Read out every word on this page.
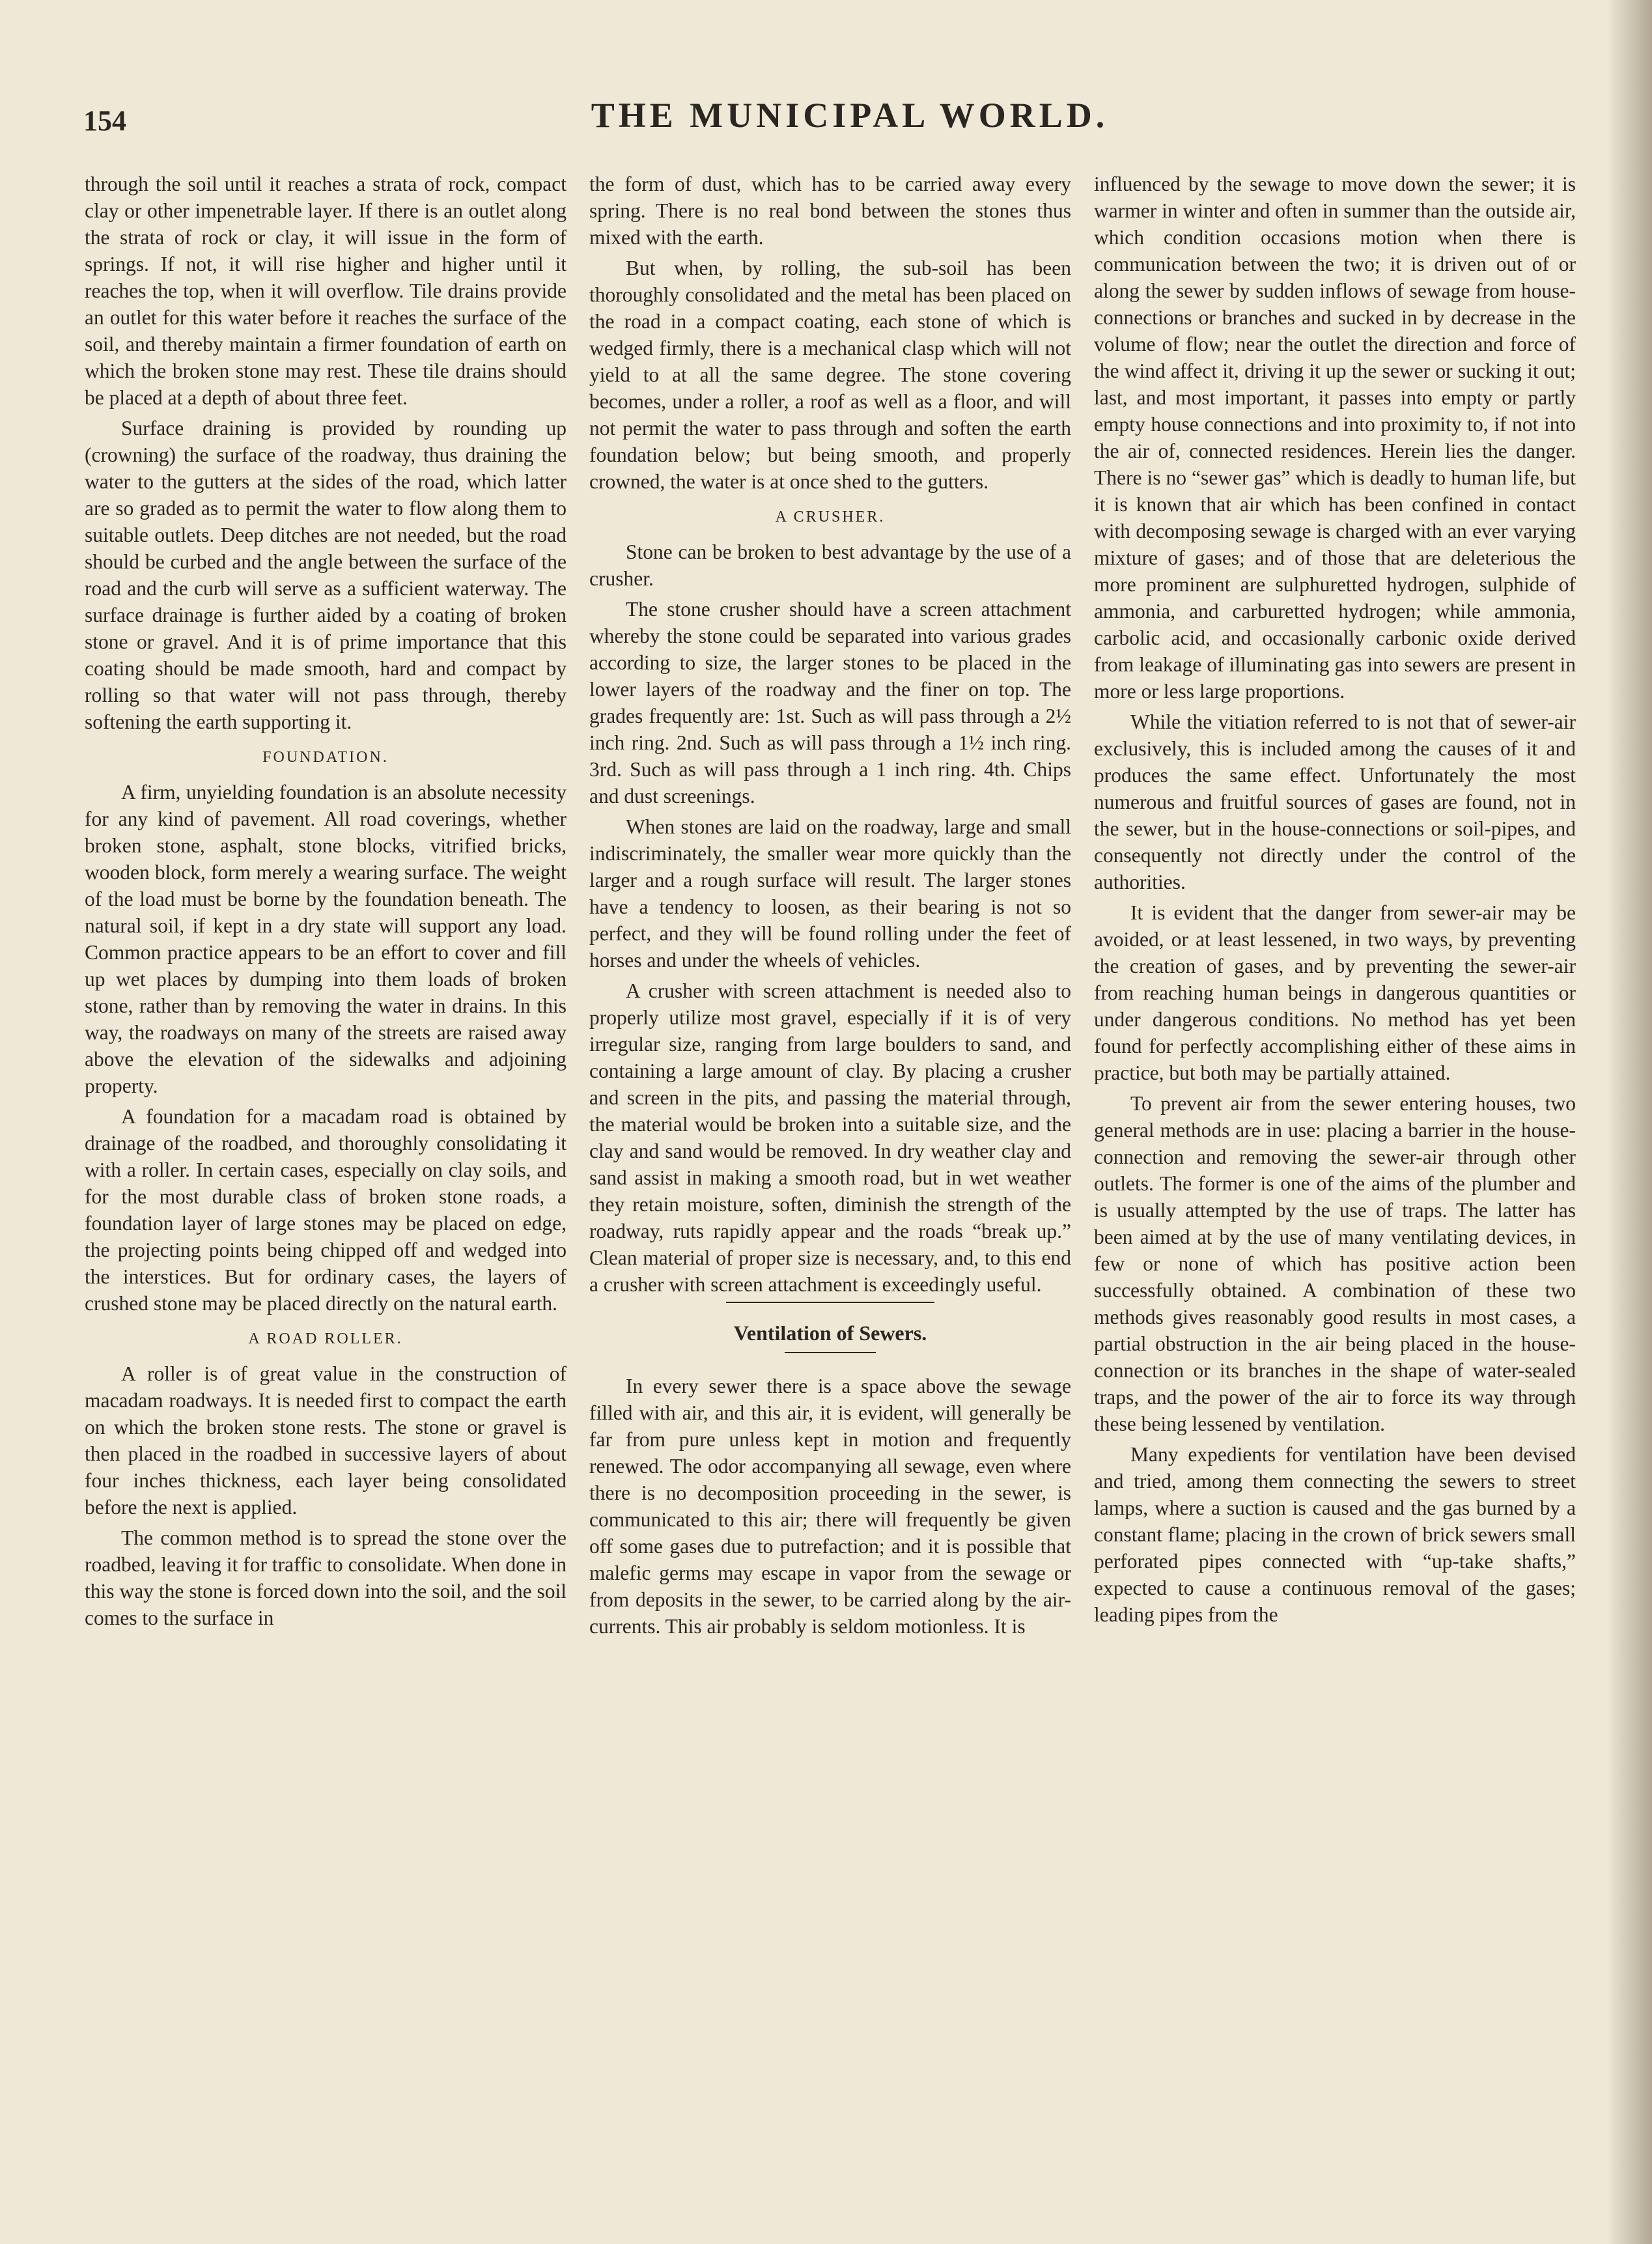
154	THE MUNICIPAL WORLD.

through the soil until it reaches a strata of rock, compact clay or other impenetrable layer. If there is an outlet along the strata of rock or clay, it will issue in the form of springs. If not, it will rise higher and higher until it reaches the top, when it will overflow. Tile drains provide an outlet for this water before it reaches the surface of the soil, and thereby maintain a firmer foundation of earth on which the broken stone may rest. These tile drains should be placed at a depth of about three feet.

Surface draining is provided by rounding up (crowning) the surface of the roadway, thus draining the water to the gutters at the sides of the road, which latter are so graded as to permit the water to flow along them to suitable outlets. Deep ditches are not needed, but the road should be curbed and the angle between the surface of the road and the curb will serve as a sufficient waterway. The surface drainage is further aided by a coating of broken stone or gravel. And it is of prime importance that this coating should be made smooth, hard and compact by rolling so that water will not pass through, thereby softening the earth supporting it.

FOUNDATION.

A firm, unyielding foundation is an absolute necessity for any kind of pavement. All road coverings, whether broken stone, asphalt, stone blocks, vitrified bricks, wooden block, form merely a wearing surface. The weight of the load must be borne by the foundation beneath. The natural soil, if kept in a dry state will support any load. Common practice appears to be an effort to cover and fill up wet places by dumping into them loads of broken stone, rather than by removing the water in drains. In this way, the roadways on many of the streets are raised away above the elevation of the sidewalks and adjoining property.

A foundation for a macadam road is obtained by drainage of the roadbed, and thoroughly consolidating it with a roller. In certain cases, especially on clay soils, and for the most durable class of broken stone roads, a foundation layer of large stones may be placed on edge, the projecting points being chipped off and wedged into the interstices. But for ordinary cases, the layers of crushed stone may be placed directly on the natural earth.

A ROAD ROLLER.

A roller is of great value in the construction of macadam roadways. It is needed first to compact the earth on which the broken stone rests. The stone or gravel is then placed in the roadbed in successive layers of about four inches thickness, each layer being consolidated before the next is applied.

The common method is to spread the stone over the roadbed, leaving it for traffic to consolidate. When done in this way the stone is forced down into the soil, and the soil comes to the surface in

the form of dust, which has to be carried away every spring. There is no real bond between the stones thus mixed with the earth.

But when, by rolling, the sub-soil has been thoroughly consolidated and the metal has been placed on the road in a compact coating, each stone of which is wedged firmly, there is a mechanical clasp which will not yield to at all the same degree. The stone covering becomes, under a roller, a roof as well as a floor, and will not permit the water to pass through and soften the earth foundation below; but being smooth, and properly crowned, the water is at once shed to the gutters.

A CRUSHER.

Stone can be broken to best advantage by the use of a crusher.

The stone crusher should have a screen attachment whereby the stone could be separated into various grades according to size, the larger stones to be placed in the lower layers of the roadway and the finer on top. The grades frequently are: 1st. Such as will pass through a 2½ inch ring. 2nd. Such as will pass through a 1½ inch ring. 3rd. Such as will pass through a 1 inch ring. 4th. Chips and dust screenings.

When stones are laid on the roadway, large and small indiscriminately, the smaller wear more quickly than the larger and a rough surface will result. The larger stones have a tendency to loosen, as their bearing is not so perfect, and they will be found rolling under the feet of horses and under the wheels of vehicles.

A crusher with screen attachment is needed also to properly utilize most gravel, especially if it is of very irregular size, ranging from large boulders to sand, and containing a large amount of clay. By placing a crusher and screen in the pits, and passing the material through, the material would be broken into a suitable size, and the clay and sand would be removed. In dry weather clay and sand assist in making a smooth road, but in wet weather they retain moisture, soften, diminish the strength of the roadway, ruts rapidly appear and the roads “break up.” Clean material of proper size is necessary, and, to this end a crusher with screen attachment is exceedingly useful.

Ventilation of Sewers.

In every sewer there is a space above the sewage filled with air, and this air, it is evident, will generally be far from pure unless kept in motion and frequently renewed. The odor accompanying all sewage, even where there is no decomposition proceeding in the sewer, is communicated to this air; there will frequently be given off some gases due to putrefaction; and it is possible that malefic germs may escape in vapor from the sewage or from deposits in the sewer, to be carried along by the air-currents. This air probably is seldom motionless. It is

influenced by the sewage to move down the sewer; it is warmer in winter and often in summer than the outside air, which condition occasions motion when there is communication between the two; it is driven out of or along the sewer by sudden inflows of sewage from house-connections or branches and sucked in by decrease in the volume of flow; near the outlet the direction and force of the wind affect it, driving it up the sewer or sucking it out; last, and most important, it passes into empty or partly empty house connections and into proximity to, if not into the air of, connected residences. Herein lies the danger. There is no “sewer gas” which is deadly to human life, but it is known that air which has been confined in contact with decomposing sewage is charged with an ever varying mixture of gases; and of those that are deleterious the more prominent are sulphuretted hydrogen, sulphide of ammonia, and carburetted hydrogen; while ammonia, carbolic acid, and occasionally carbonic oxide derived from leakage of illuminating gas into sewers are present in more or less large proportions.

While the vitiation referred to is not that of sewer-air exclusively, this is included among the causes of it and produces the same effect. Unfortunately the most numerous and fruitful sources of gases are found, not in the sewer, but in the house-connections or soil-pipes, and consequently not directly under the control of the authorities.

It is evident that the danger from sewer-air may be avoided, or at least lessened, in two ways, by preventing the creation of gases, and by preventing the sewer-air from reaching human beings in dangerous quantities or under dangerous conditions. No method has yet been found for perfectly accomplishing either of these aims in practice, but both may be partially attained.

To prevent air from the sewer entering houses, two general methods are in use: placing a barrier in the house-connection and removing the sewer-air through other outlets. The former is one of the aims of the plumber and is usually attempted by the use of traps. The latter has been aimed at by the use of many ventilating devices, in few or none of which has positive action been successfully obtained. A combination of these two methods gives reasonably good results in most cases, a partial obstruction in the air being placed in the house-connection or its branches in the shape of water-sealed traps, and the power of the air to force its way through these being lessened by ventilation.

Many expedients for ventilation have been devised and tried, among them connecting the sewers to street lamps, where a suction is caused and the gas burned by a constant flame; placing in the crown of brick sewers small perforated pipes connected with “up-take shafts,” expected to cause a continuous removal of the gases; leading pipes from the
